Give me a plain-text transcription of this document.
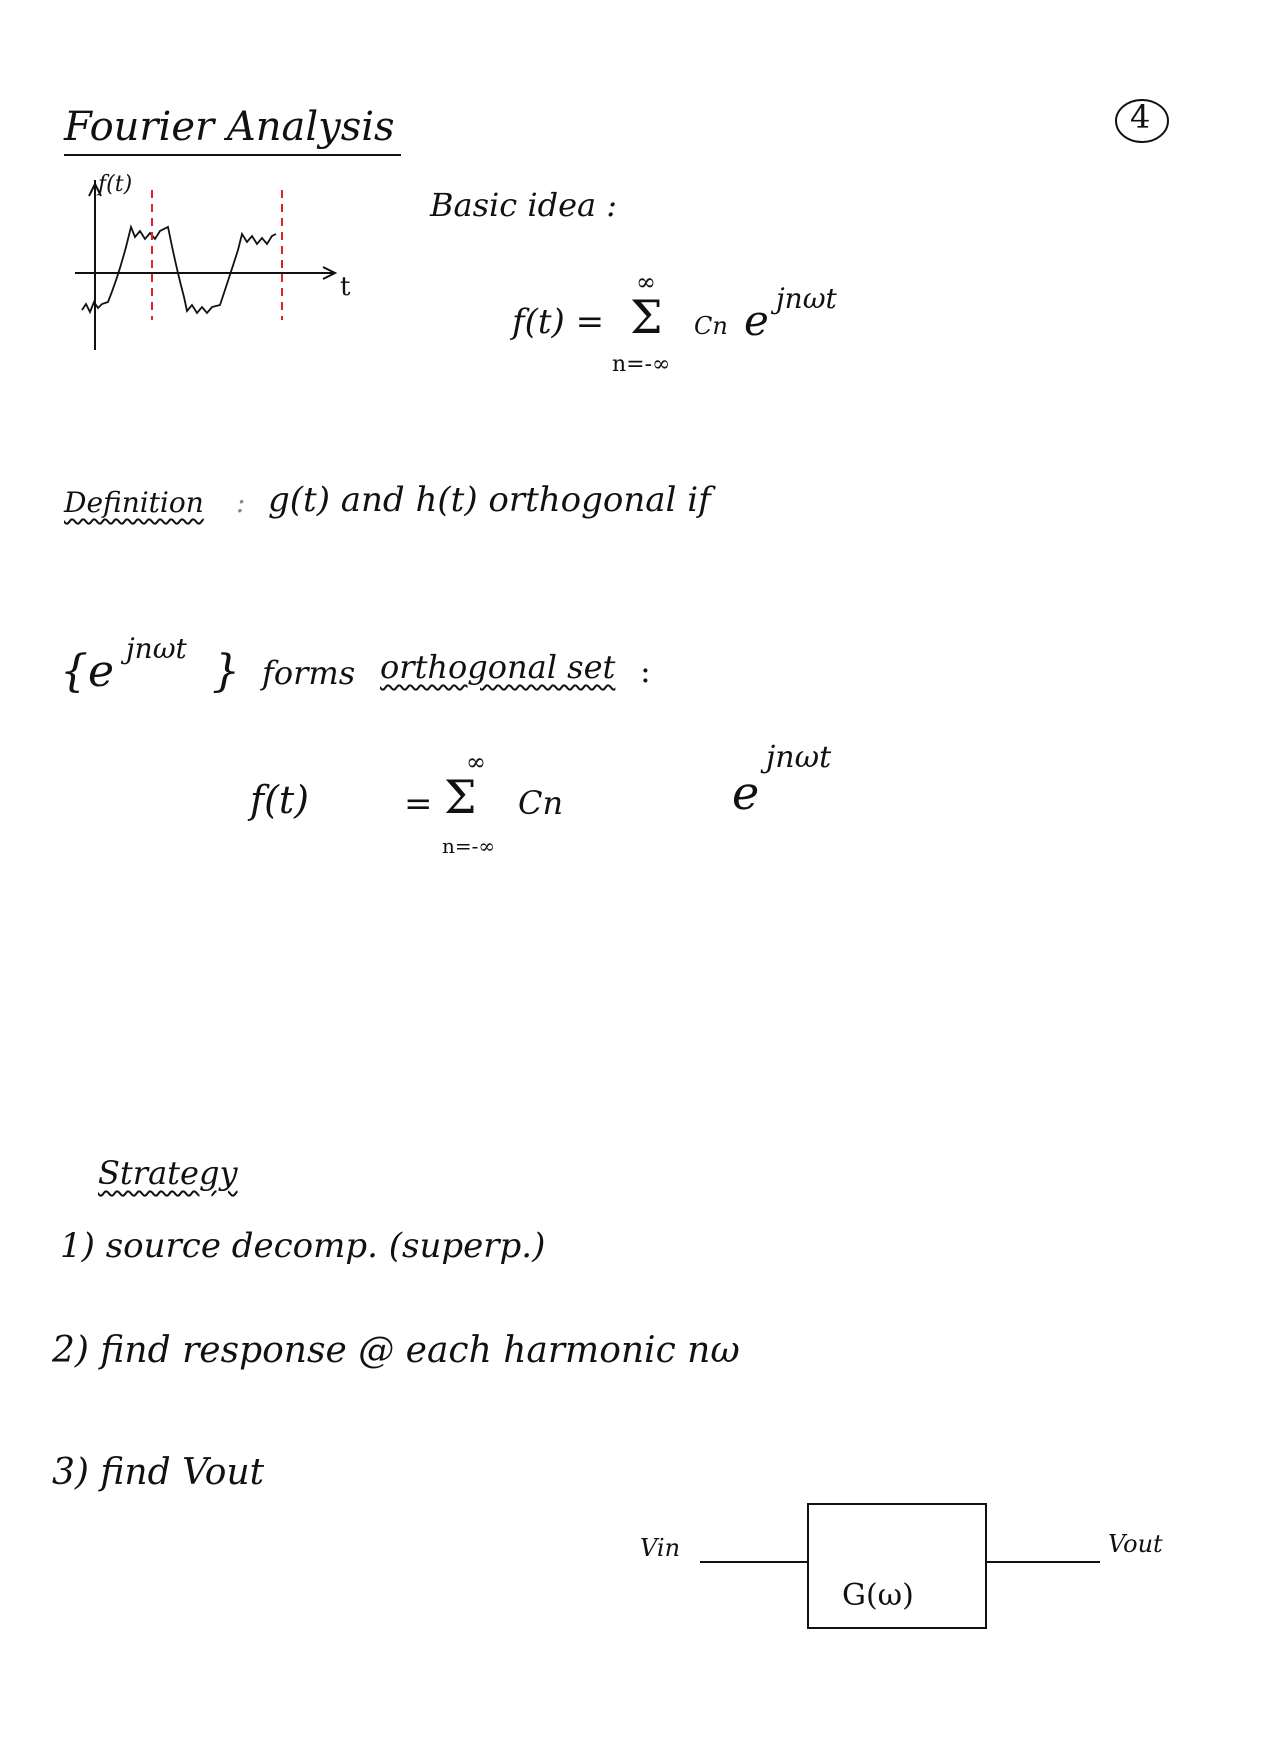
4
Fourier Analysis
f(t)
t
Basic idea :
f(t) =
∞
Σ
n=-∞
Cn e jnωt
Definition : g(t) and h(t) orthogonal if
{e jnωt } forms orthogonal set :
f(t)	=
∞
Σ
n=-∞
Cn	e
jnωt
Strategy
1) source decomp. (superp.)
2) find response @ each harmonic nω
3) find Vout
Vin
G(ω)
Vout
